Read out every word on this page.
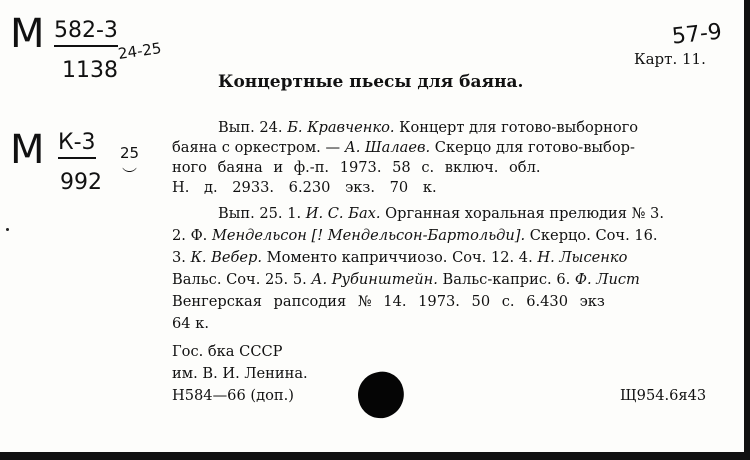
М 582-3
24-25
1138
М К-3 25
992 ︶
57-9
Карт. 11.
Концертные пьесы для баяна.
Вып. 24. Б. Кравченко. Концерт для готово-выборного
баяна с оркестром. — А. Шалаев. Скерцо для готово-выбор-
ного баяна и ф.-п. 1973. 58 с. включ. обл.
Н. д. 2933. 6.230 экз. 70 к.
Вып. 25. 1. И. С. Бах. Органная хоральная прелюдия № 3.
2. Ф. Мендельсон [! Мендельсон-Бартольди]. Скерцо. Соч. 16.
3. К. Вебер. Моменто каприччиозо. Соч. 12. 4. Н. Лысенко
Вальс. Соч. 25. 5. А. Рубинштейн. Вальс-каприс. 6. Ф. Лист
Венгерская рапсодия № 14. 1973. 50 с. 6.430 экз
64 к.
Гос. бка СССР
им. В. И. Ленина.
Н584—66 (доп.)	Щ954.6я43
